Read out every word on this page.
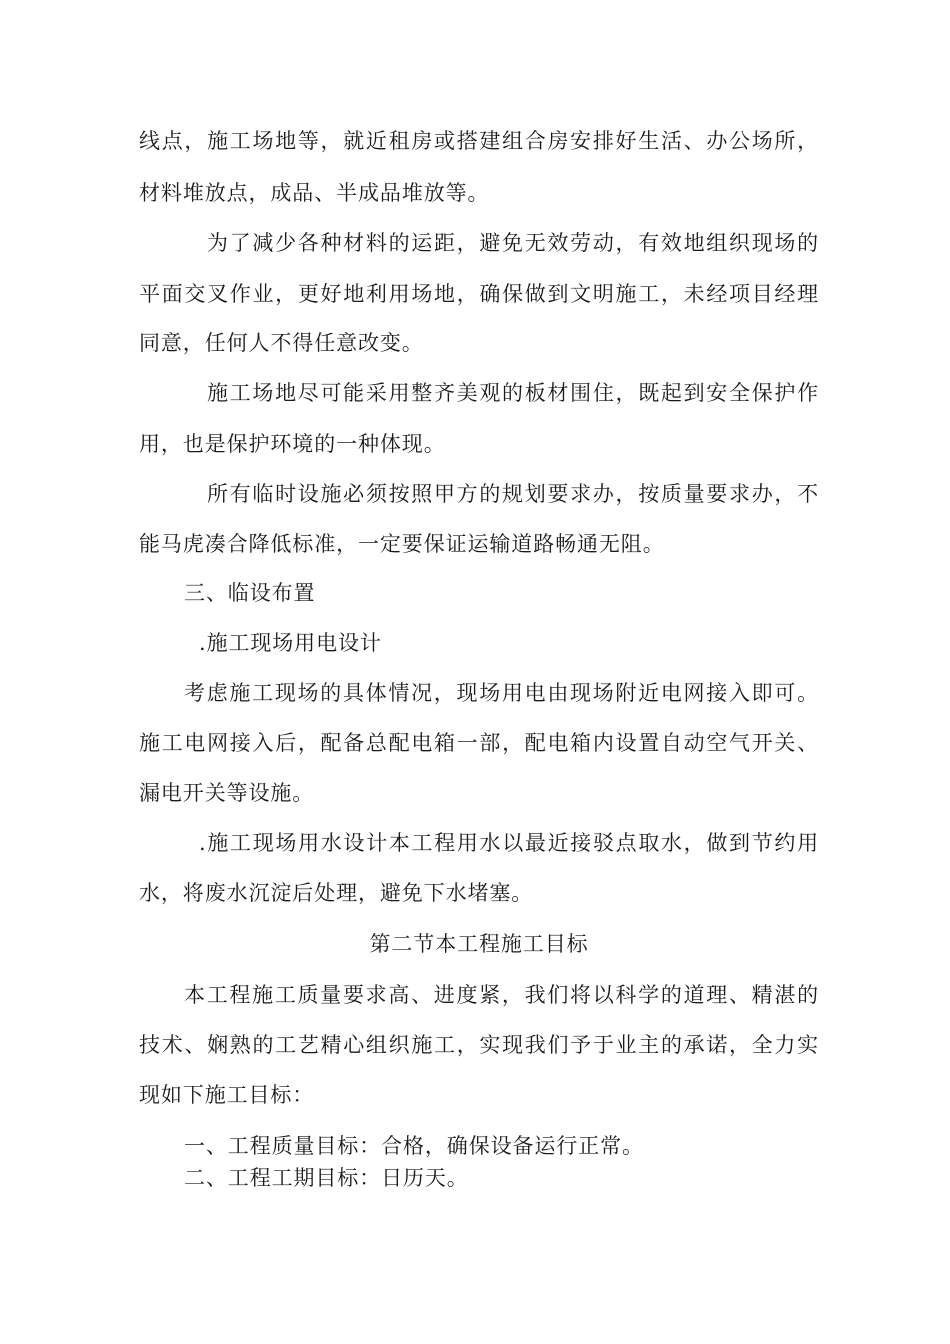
线点，施工场地等，就近租房或搭建组合房安排好生活、办公场所，
材料堆放点，成品、半成品堆放等。
为了减少各种材料的运距，避免无效劳动，有效地组织现场的
平面交叉作业，更好地利用场地，确保做到文明施工，未经项目经理
同意，任何人不得任意改变。
施工场地尽可能采用整齐美观的板材围住，既起到安全保护作
用，也是保护环境的一种体现。
所有临时设施必须按照甲方的规划要求办，按质量要求办，不
能马虎凑合降低标准，一定要保证运输道路畅通无阻。
三、临设布置
.施工现场用电设计
考虑施工现场的具体情况，现场用电由现场附近电网接入即可。
施工电网接入后，配备总配电箱一部，配电箱内设置自动空气开关、
漏电开关等设施。
.施工现场用水设计本工程用水以最近接驳点取水，做到节约用
水，将废水沉淀后处理，避免下水堵塞。
第二节本工程施工目标
本工程施工质量要求高、进度紧，我们将以科学的道理、精湛的
技术、娴熟的工艺精心组织施工，实现我们予于业主的承诺，全力实
现如下施工目标：
一、工程质量目标：合格，确保设备运行正常。
二、工程工期目标：日历天。
